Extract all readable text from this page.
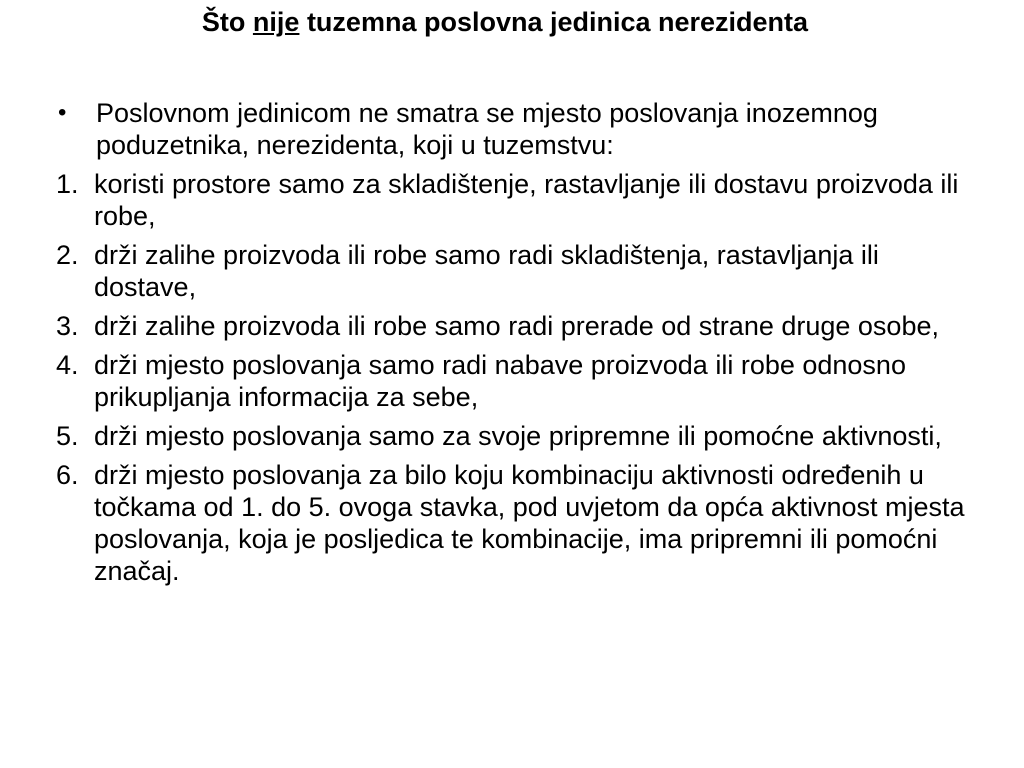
Što nije tuzemna poslovna jedinica nerezidenta
•	Poslovnom jedinicom ne smatra se mjesto poslovanja inozemnog poduzetnika, nerezidenta, koji u tuzemstvu:
1. koristi prostore samo za skladištenje, rastavljanje ili dostavu proizvoda ili robe,
2. drži zalihe proizvoda ili robe samo radi skladištenja, rastavljanja ili dostave,
3. drži zalihe proizvoda ili robe samo radi prerade od strane druge osobe,
4. drži mjesto poslovanja samo radi nabave proizvoda ili robe odnosno prikupljanja informacija za sebe,
5. drži mjesto poslovanja samo za svoje pripremne ili pomoćne aktivnosti,
6. drži mjesto poslovanja za bilo koju kombinaciju aktivnosti određenih u točkama od 1. do 5. ovoga stavka, pod uvjetom da opća aktivnost mjesta poslovanja, koja je posljedica te kombinacije, ima pripremni ili pomoćni značaj.
